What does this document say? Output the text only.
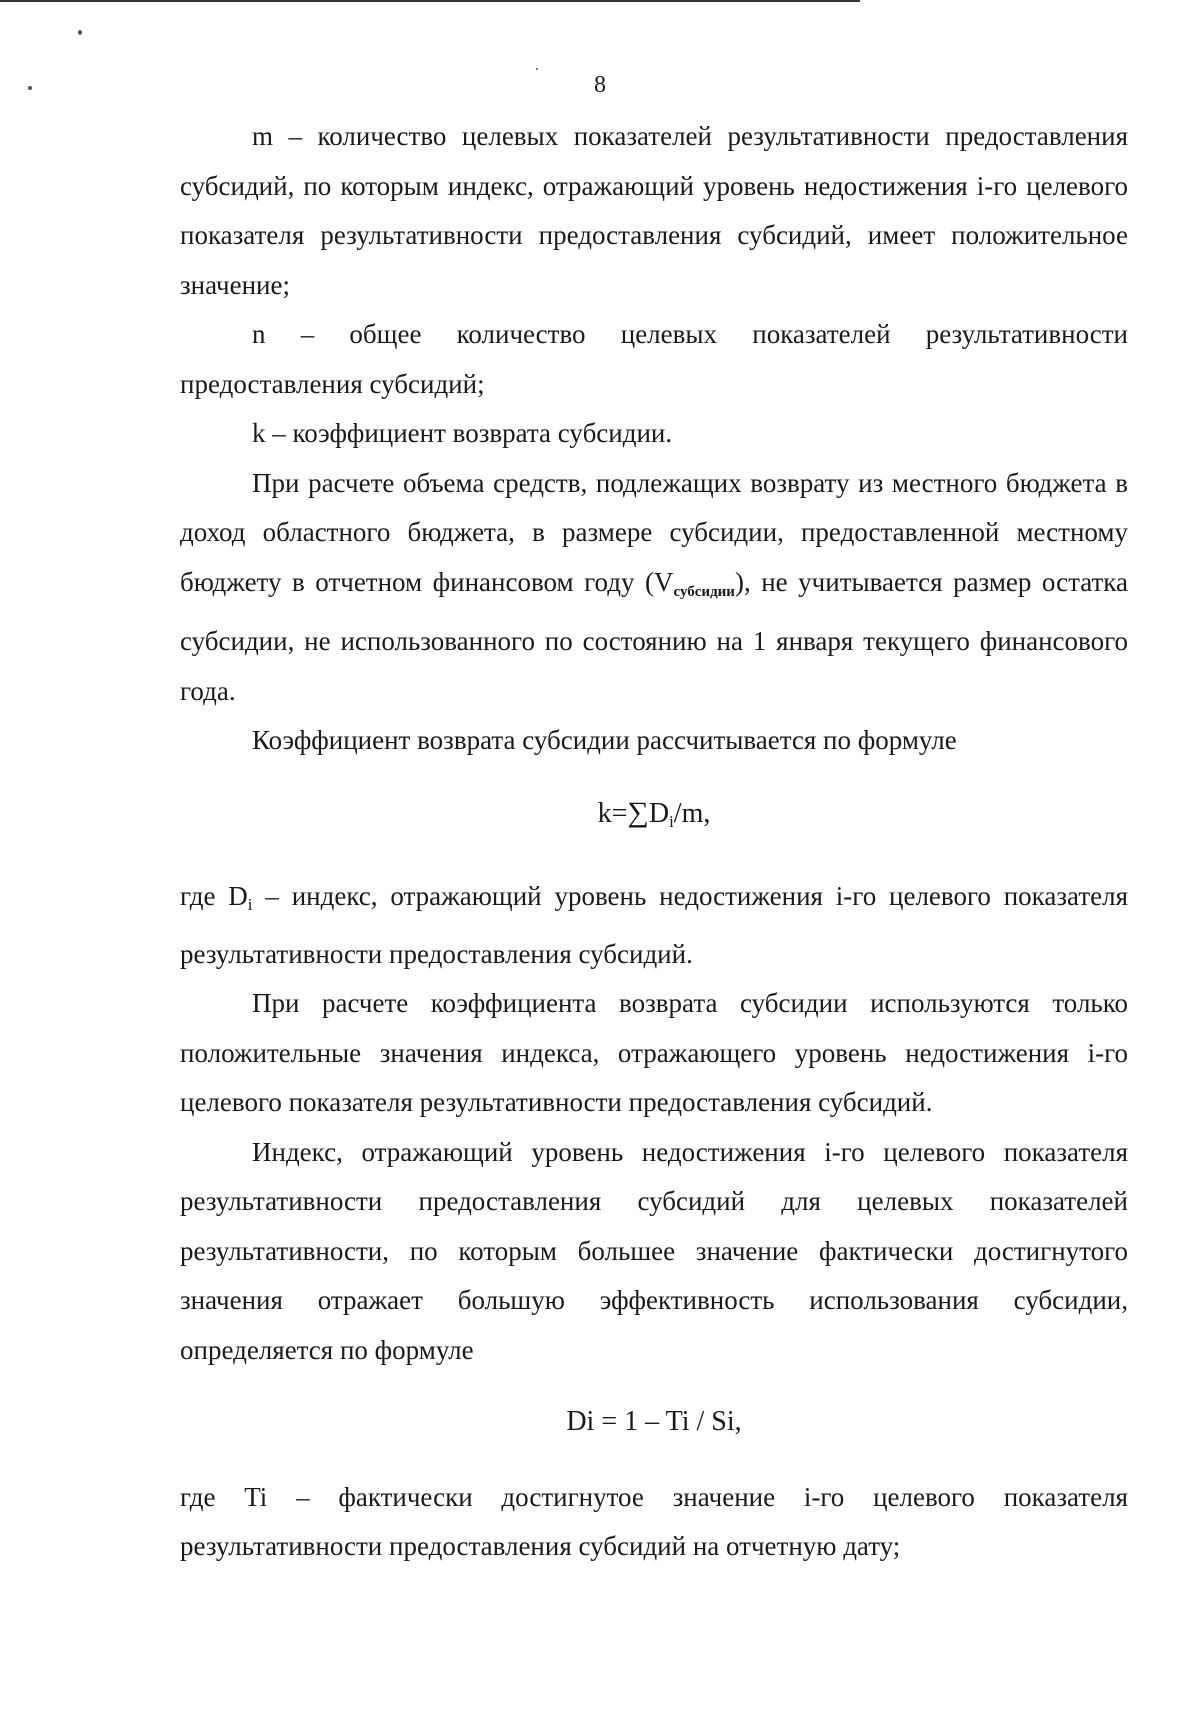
8

m – количество целевых показателей результативности предоставления субсидий, по которым индекс, отражающий уровень недостижения i-го целевого показателя результативности предоставления субсидий, имеет положительное значение;

n – общее количество целевых показателей результативности предоставления субсидий;

k – коэффициент возврата субсидии.

При расчете объема средств, подлежащих возврату из местного бюджета в доход областного бюджета, в размере субсидии, предоставленной местному бюджету в отчетном финансовом году $(V_{субсидии})$, не учитывается размер остатка субсидии, не использованного по состоянию на 1 января текущего финансового года.

Коэффициент возврата субсидии рассчитывается по формуле

$k=\sum D_i/m$,

где $D_i$ – индекс, отражающий уровень недостижения i-го целевого показателя результативности предоставления субсидий.

При расчете коэффициента возврата субсидии используются только положительные значения индекса, отражающего уровень недостижения i-го целевого показателя результативности предоставления субсидий.

Индекс, отражающий уровень недостижения i-го целевого показателя результативности предоставления субсидий для целевых показателей результативности, по которым большее значение фактически достигнутого значения отражает большую эффективность использования субсидии, определяется по формуле

Di = 1 – Ti / Si,

где Ti – фактически достигнутое значение i-го целевого показателя результативности предоставления субсидий на отчетную дату;
